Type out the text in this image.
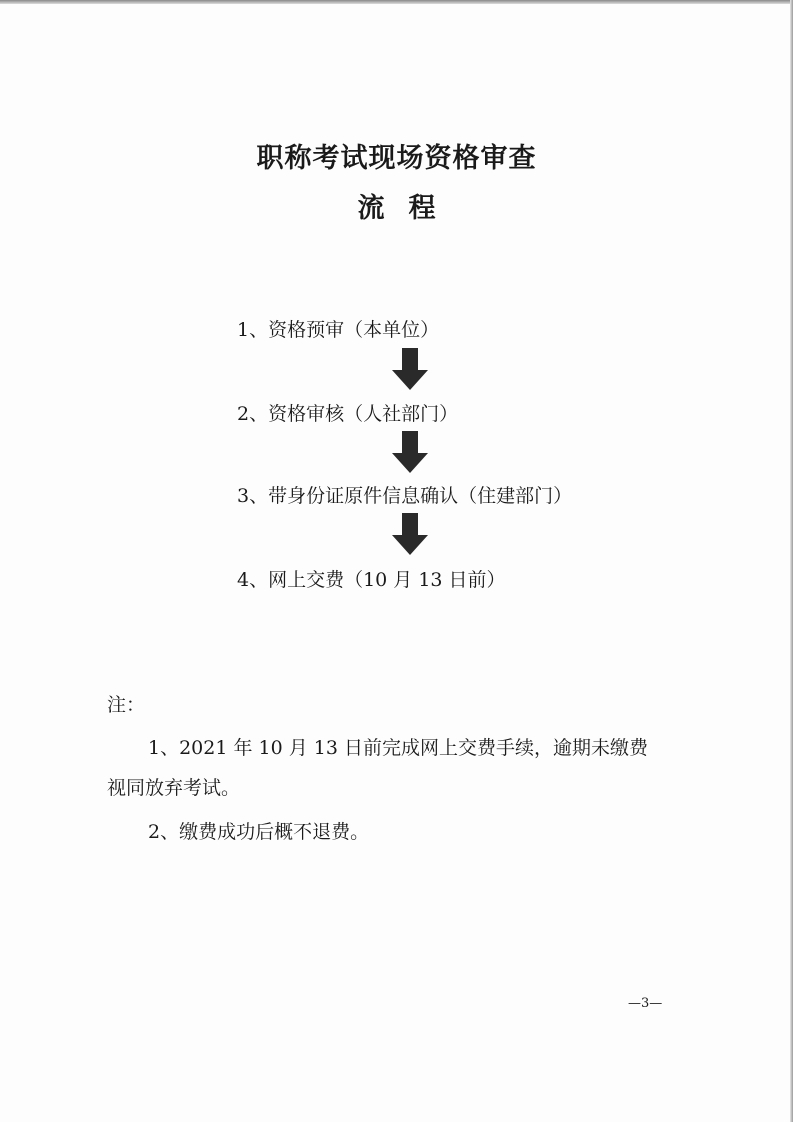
职称考试现场资格审查
流程
1、资格预审（本单位）
2、资格审核（人社部门）
3、带身份证原件信息确认（住建部门）
4、网上交费（10 月 13 日前）
注：
1、2021 年 10 月 13 日前完成网上交费手续，逾期未缴费
视同放弃考试。
2、缴费成功后概不退费。
—3—
